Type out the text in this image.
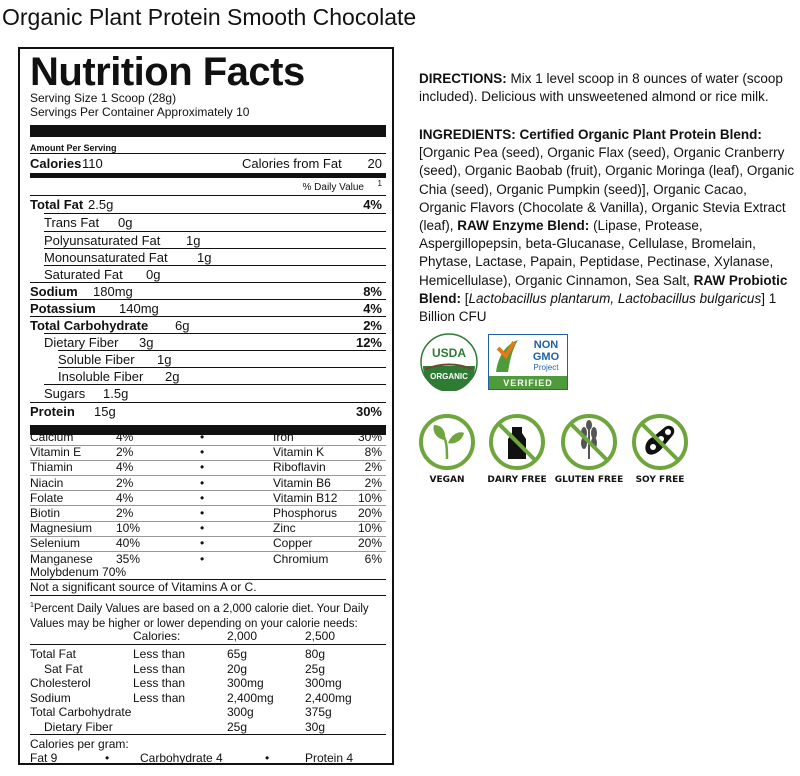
Organic Plant Protein Smooth Chocolate
Nutrition Facts
Serving Size 1 Scoop (28g)
Servings Per Container Approximately 10
Amount Per Serving
Calories 110	Calories from Fat 20
% Daily Value 1
Total Fat 2.5g	4%
Trans Fat 0g
Polyunsaturated Fat 1g
Monounsaturated Fat 1g
Saturated Fat 0g
Sodium 180mg	8%
Potassium 140mg	4%
Total Carbohydrate 6g	2%
Dietary Fiber 3g	12%
Soluble Fiber 1g
Insoluble Fiber 2g
Sugars 1.5g
Protein 15g	30%
Calcium	4%	•	Iron	30%
Vitamin E	2%	•	Vitamin K	8%
Thiamin	4%	•	Riboflavin	2%
Niacin	2%	•	Vitamin B6	2%
Folate	4%	•	Vitamin B12 10%
Biotin	2%	•	Phosphorus 20%
Magnesium 10%	•	Zinc	10%
Selenium	40%	•	Copper	20%
Manganese 35%	•	Chromium	6%
Molybdenum 70%
Not a significant source of Vitamins A or C.
$^1$Percent Daily Values are based on a 2,000 calorie diet. Your Daily
Values may be higher or lower depending on your calorie needs:
Calories:	2,000	2,500
Total Fat	Less than	65g	80g
Sat Fat	Less than	20g	25g
Cholesterol	Less than	300mg	300mg
Sodium	Less than	2,400mg	2,400mg
Total Carbohydrate	300g	375g
Dietary Fiber	25g	30g
Calories per gram:
Fat 9	•	Carbohydrate 4	•	Protein 4
DIRECTIONS: Mix 1 level scoop in 8 ounces of water (scoop included). Delicious with unsweetened almond or rice milk.
INGREDIENTS: Certified Organic Plant Protein Blend: [Organic Pea (seed), Organic Flax (seed), Organic Cranberry (seed), Organic Baobab (fruit), Organic Moringa (leaf), Organic Chia (seed), Organic Pumpkin (seed)], Organic Cacao, Organic Flavors (Chocolate & Vanilla), Organic Stevia Extract (leaf), RAW Enzyme Blend: (Lipase, Protease, Aspergillopepsin, beta-Glucanase, Cellulase, Bromelain, Phytase, Lactase, Papain, Peptidase, Pectinase, Xylanase, Hemicellulase), Organic Cinnamon, Sea Salt, RAW Probiotic Blend: [Lactobacillus plantarum, Lactobacillus bulgaricus] 1 Billion CFU
USDA
ORGANIC
NON
GMO
Project
VERIFIED
VEGAN	DAIRY FREE GLUTEN FREE	SOY FREE
